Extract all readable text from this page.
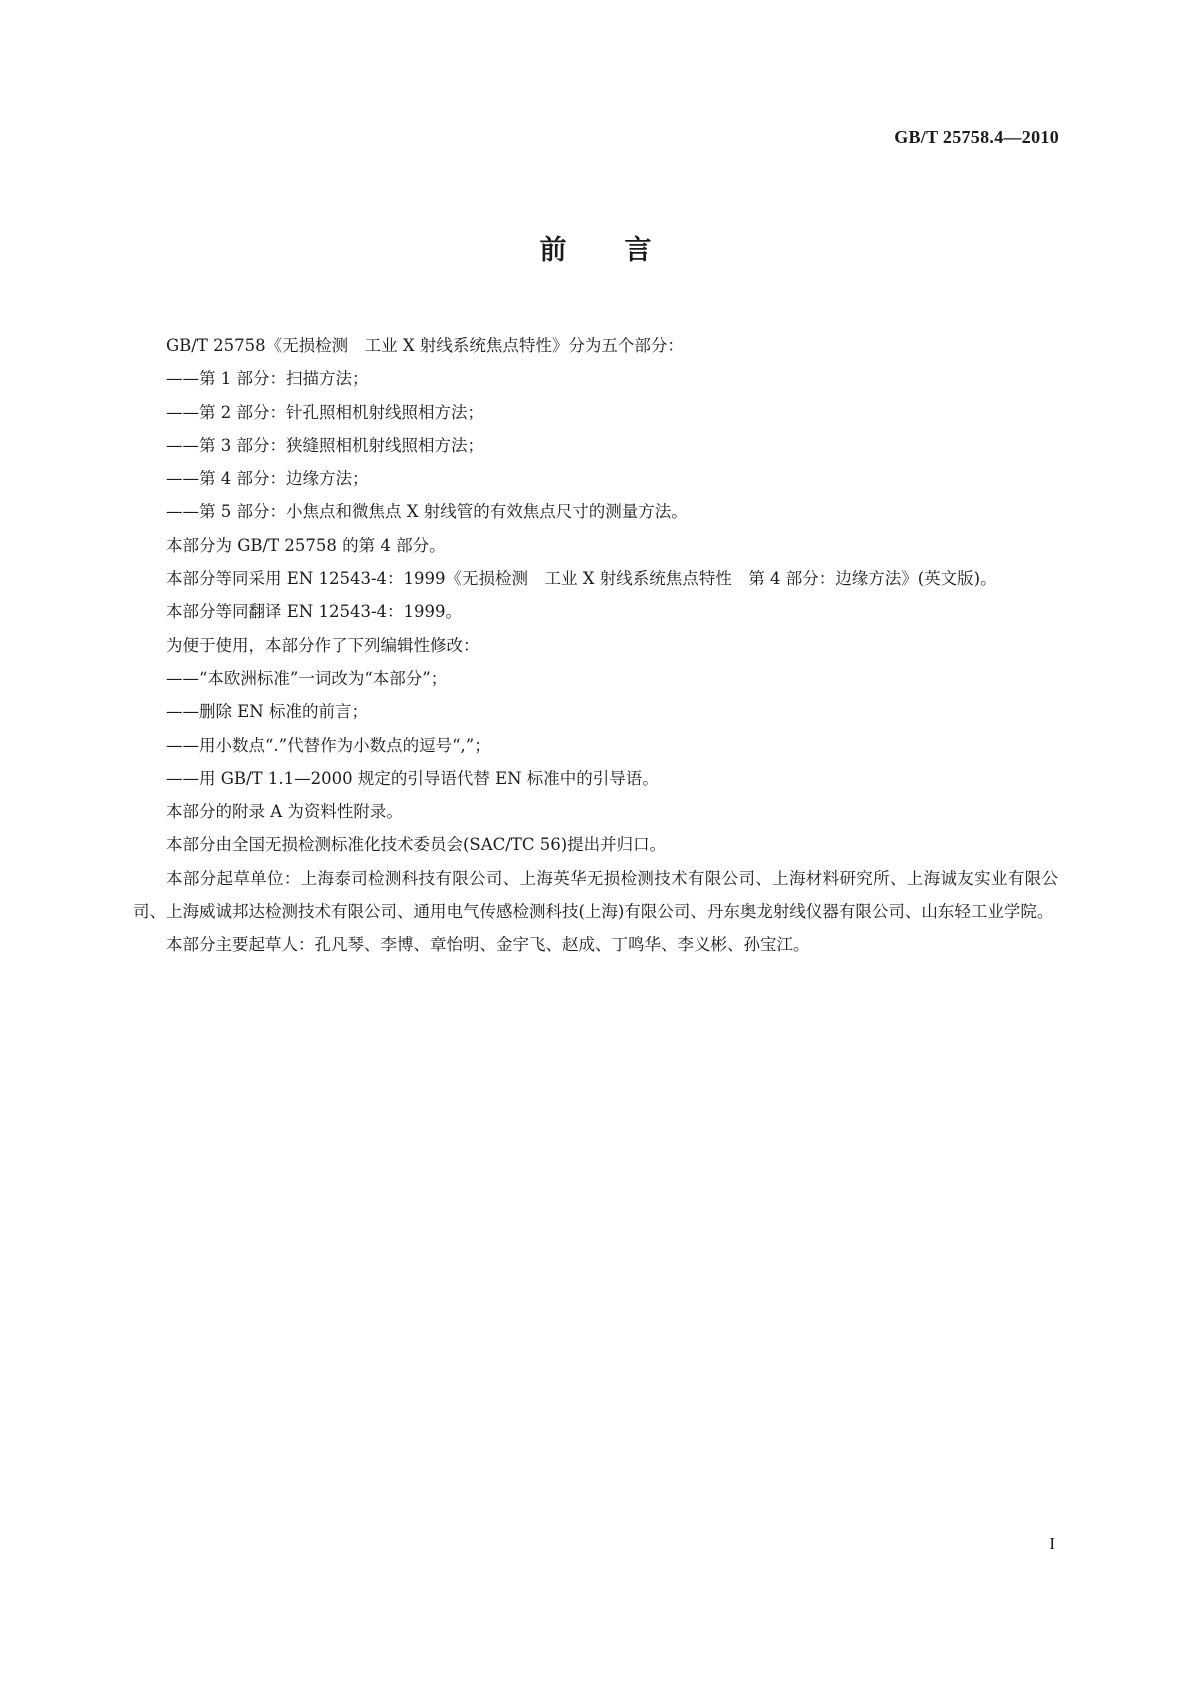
GB/T 25758.4—2010
前言

GB/T 25758《无损检测　工业 X 射线系统焦点特性》分为五个部分：

——第 1 部分：扫描方法；

——第 2 部分：针孔照相机射线照相方法；

——第 3 部分：狭缝照相机射线照相方法；

——第 4 部分：边缘方法；

——第 5 部分：小焦点和微焦点 X 射线管的有效焦点尺寸的测量方法。

本部分为 GB/T 25758 的第 4 部分。

本部分等同采用 EN 12543-4：1999《无损检测　工业 X 射线系统焦点特性　第 4 部分：边缘方法》(英文版)。

本部分等同翻译 EN 12543-4：1999。

为便于使用，本部分作了下列编辑性修改：

——“本欧洲标准”一词改为“本部分”；

——删除 EN 标准的前言；

——用小数点“.”代替作为小数点的逗号“,”；

——用 GB/T 1.1—2000 规定的引导语代替 EN 标准中的引导语。

本部分的附录 A 为资料性附录。

本部分由全国无损检测标准化技术委员会(SAC/TC 56)提出并归口。

本部分起草单位：上海泰司检测科技有限公司、上海英华无损检测技术有限公司、上海材料研究所、上海诚友实业有限公司、上海威诚邦达检测技术有限公司、通用电气传感检测科技(上海)有限公司、丹东奥龙射线仪器有限公司、山东轻工业学院。

本部分主要起草人：孔凡琴、李博、章怡明、金宇飞、赵成、丁鸣华、李义彬、孙宝江。

I
